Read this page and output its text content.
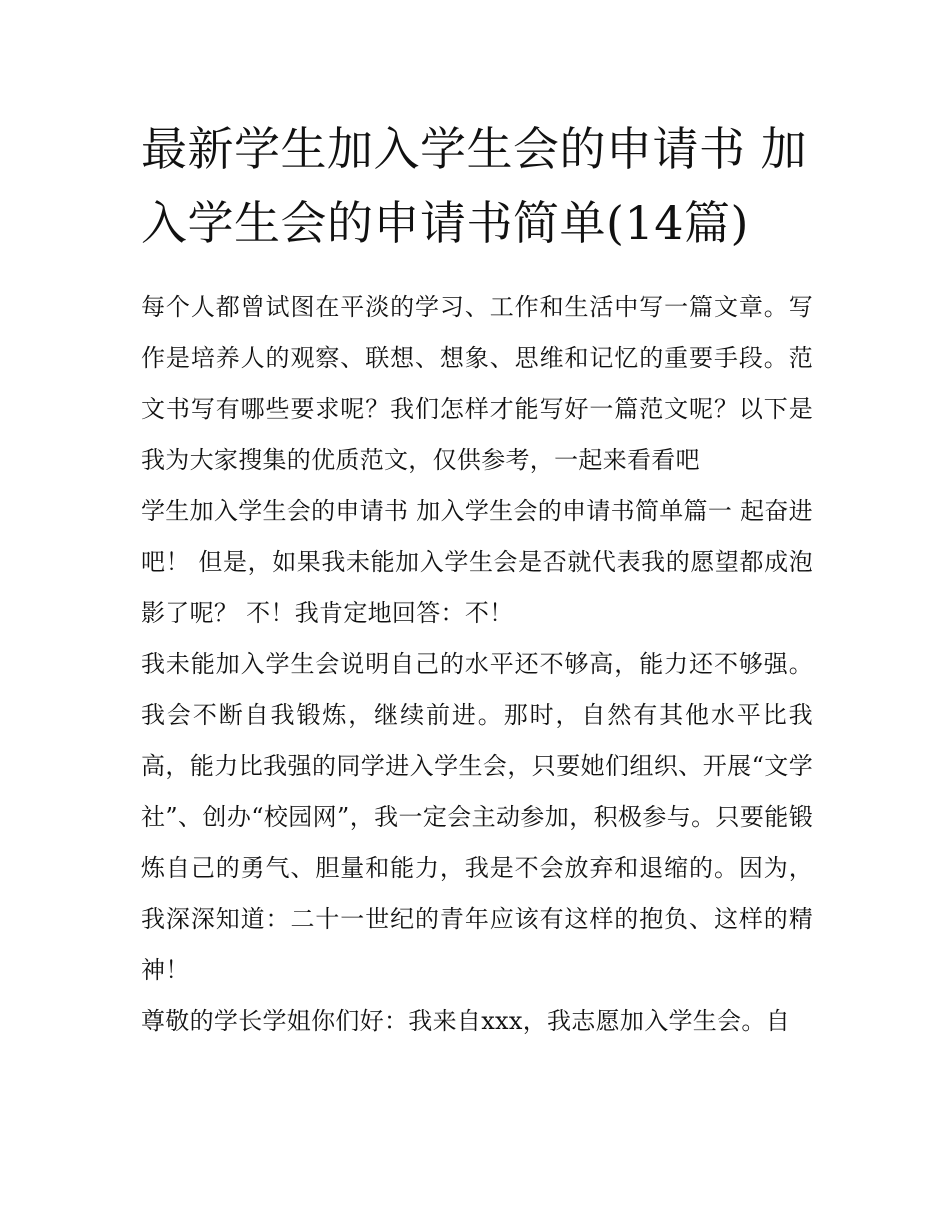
最新学生加入学生会的申请书 加入学生会的申请书简单(14篇)

每个人都曾试图在平淡的学习、工作和生活中写一篇文章。写作是培养人的观察、联想、想象、思维和记忆的重要手段。范文书写有哪些要求呢？我们怎样才能写好一篇范文呢？以下是我为大家搜集的优质范文，仅供参考，一起来看看吧

学生加入学生会的申请书 加入学生会的申请书简单篇一 起奋进吧！ 但是，如果我未能加入学生会是否就代表我的愿望都成泡影了呢？ 不！我肯定地回答：不！

我未能加入学生会说明自己的水平还不够高，能力还不够强。我会不断自我锻炼，继续前进。那时，自然有其他水平比我高，能力比我强的同学进入学生会，只要她们组织、开展“文学社”、创办“校园网”，我一定会主动参加，积极参与。只要能锻炼自己的勇气、胆量和能力，我是不会放弃和退缩的。因为，我深深知道：二十一世纪的青年应该有这样的抱负、这样的精神！

尊敬的学长学姐你们好：我来自xxx，我志愿加入学生会。自
